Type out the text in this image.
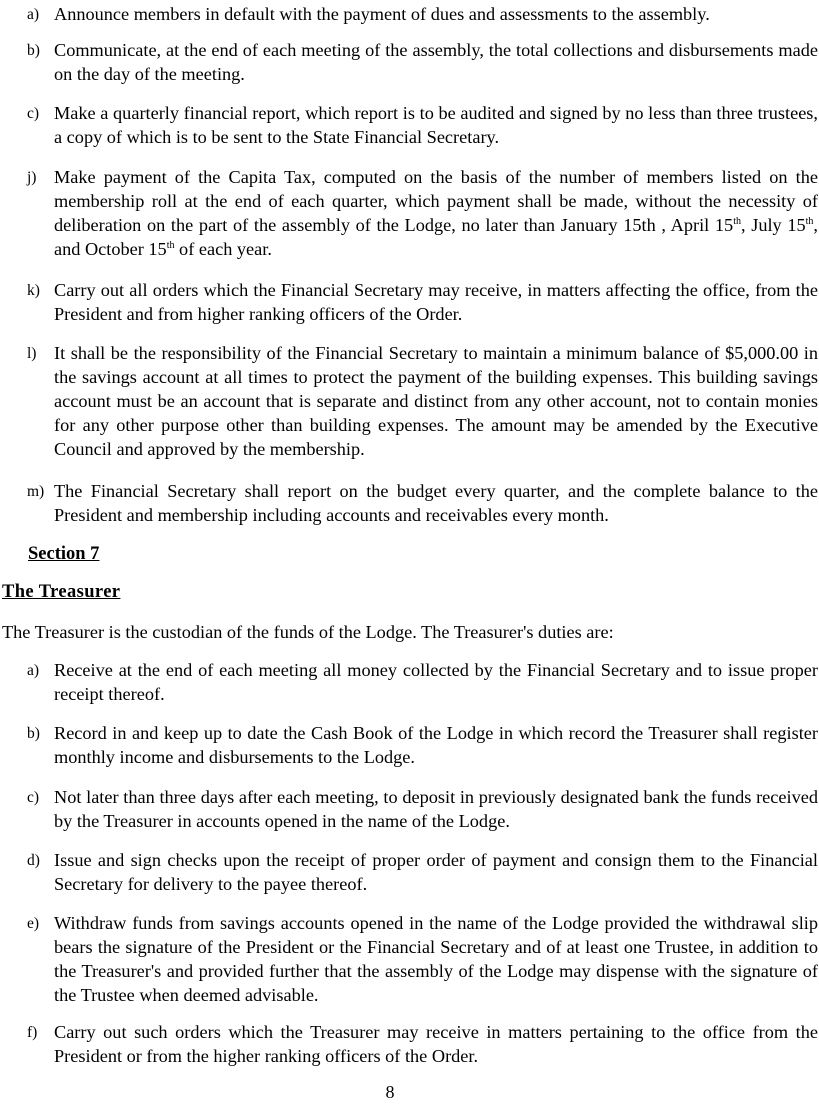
a) Announce members in default with the payment of dues and assessments to the assembly.
b) Communicate, at the end of each meeting of the assembly, the total collections and disbursements made on the day of the meeting.
c) Make a quarterly financial report, which report is to be audited and signed by no less than three trustees, a copy of which is to be sent to the State Financial Secretary.
j) Make payment of the Capita Tax, computed on the basis of the number of members listed on the membership roll at the end of each quarter, which payment shall be made, without the necessity of deliberation on the part of the assembly of the Lodge, no later than January 15th , April 15th, July 15th, and October 15th of each year.
k) Carry out all orders which the Financial Secretary may receive, in matters affecting the office, from the President and from higher ranking officers of the Order.
l) It shall be the responsibility of the Financial Secretary to maintain a minimum balance of $5,000.00 in the savings account at all times to protect the payment of the building expenses. This building savings account must be an account that is separate and distinct from any other account, not to contain monies for any other purpose other than building expenses. The amount may be amended by the Executive Council and approved by the membership.
m) The Financial Secretary shall report on the budget every quarter, and the complete balance to the President and membership including accounts and receivables every month.
Section 7
The Treasurer
The Treasurer is the custodian of the funds of the Lodge. The Treasurer's duties are:
a) Receive at the end of each meeting all money collected by the Financial Secretary and to issue proper receipt thereof.
b) Record in and keep up to date the Cash Book of the Lodge in which record the Treasurer shall register monthly income and disbursements to the Lodge.
c) Not later than three days after each meeting, to deposit in previously designated bank the funds received by the Treasurer in accounts opened in the name of the Lodge.
d) Issue and sign checks upon the receipt of proper order of payment and consign them to the Financial Secretary for delivery to the payee thereof.
e) Withdraw funds from savings accounts opened in the name of the Lodge provided the withdrawal slip bears the signature of the President or the Financial Secretary and of at least one Trustee, in addition to the Treasurer's and provided further that the assembly of the Lodge may dispense with the signature of the Trustee when deemed advisable.
f) Carry out such orders which the Treasurer may receive in matters pertaining to the office from the President or from the higher ranking officers of the Order.
8
